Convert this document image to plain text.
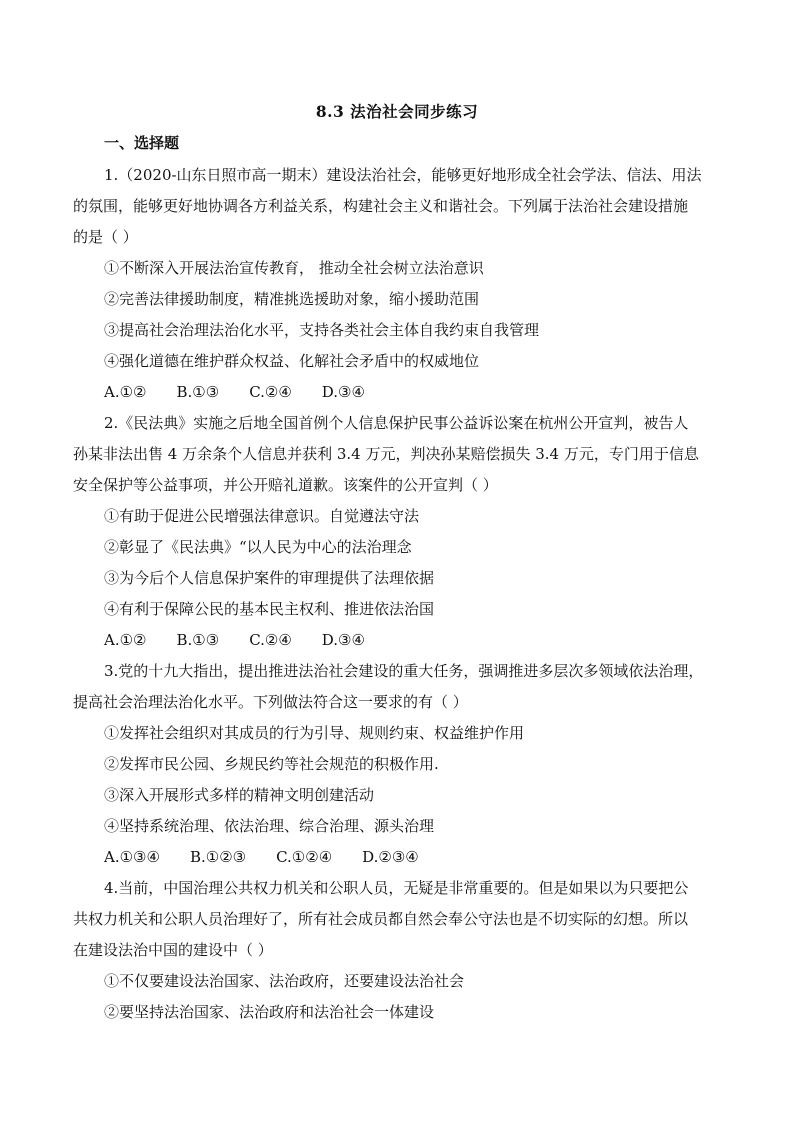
8.3 法治社会同步练习
一、选择题
1.（2020-山东日照市高一期末）建设法治社会，能够更好地形成全社会学法、信法、用法
的氛围，能够更好地协调各方利益关系，构建社会主义和谐社会。下列属于法治社会建设措施
的是（ ）
①不断深入开展法治宣传教育， 推动全社会树立法治意识
②完善法律援助制度，精准挑选援助对象，缩小援助范围
③提高社会治理法治化水平，支持各类社会主体自我约束自我管理
④强化道德在维护群众权益、化解社会矛盾中的权威地位
A.①② B.①③ C.②④ D.③④
2.《民法典》实施之后地全国首例个人信息保护民事公益诉讼案在杭州公开宣判，被告人
孙某非法出售 4 万余条个人信息并获利 3.4 万元，判决孙某赔偿损失 3.4 万元，专门用于信息
安全保护等公益事项，并公开赔礼道歉。该案件的公开宣判（ ）
①有助于促进公民增强法律意识。自觉遵法守法
②彰显了《民法典》“以人民为中心的法治理念
③为今后个人信息保护案件的审理提供了法理依据
④有利于保障公民的基本民主权利、推进依法治国
A.①② B.①③ C.②④ D.③④
3.党的十九大指出，提出推进法治社会建设的重大任务，强调推进多层次多领域依法治理，
提高社会治理法治化水平。下列做法符合这一要求的有（ ）
①发挥社会组织对其成员的行为引导、规则约束、权益维护作用
②发挥市民公园、乡规民约等社会规范的积极作用.
③深入开展形式多样的精神文明创建活动
④坚持系统治理、依法治理、综合治理、源头治理
A.①③④ B.①②③ C.①②④ D.②③④
4.当前，中国治理公共权力机关和公职人员，无疑是非常重要的。但是如果以为只要把公
共权力机关和公职人员治理好了，所有社会成员都自然会奉公守法也是不切实际的幻想。所以
在建设法治中国的建设中（ ）
①不仅要建设法治国家、法治政府，还要建设法治社会
②要坚持法治国家、法治政府和法治社会一体建设
